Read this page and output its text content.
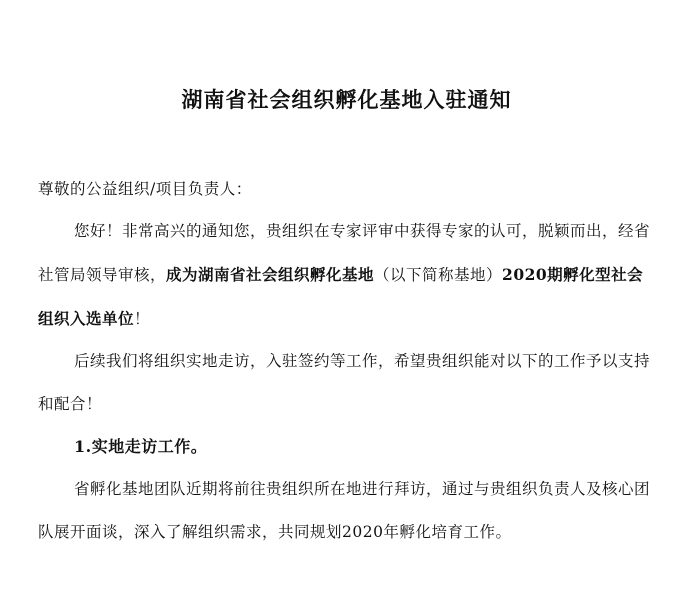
湖南省社会组织孵化基地入驻通知
尊敬的公益组织/项目负责人：
您好！非常高兴的通知您，贵组织在专家评审中获得专家的认可，脱颖而出，经省社管局领导审核，成为湖南省社会组织孵化基地（以下简称基地）2020期孵化型社会组织入选单位！
后续我们将组织实地走访，入驻签约等工作，希望贵组织能对以下的工作予以支持和配合！
1.实地走访工作。
省孵化基地团队近期将前往贵组织所在地进行拜访，通过与贵组织负责人及核心团队展开面谈，深入了解组织需求，共同规划2020年孵化培育工作。
